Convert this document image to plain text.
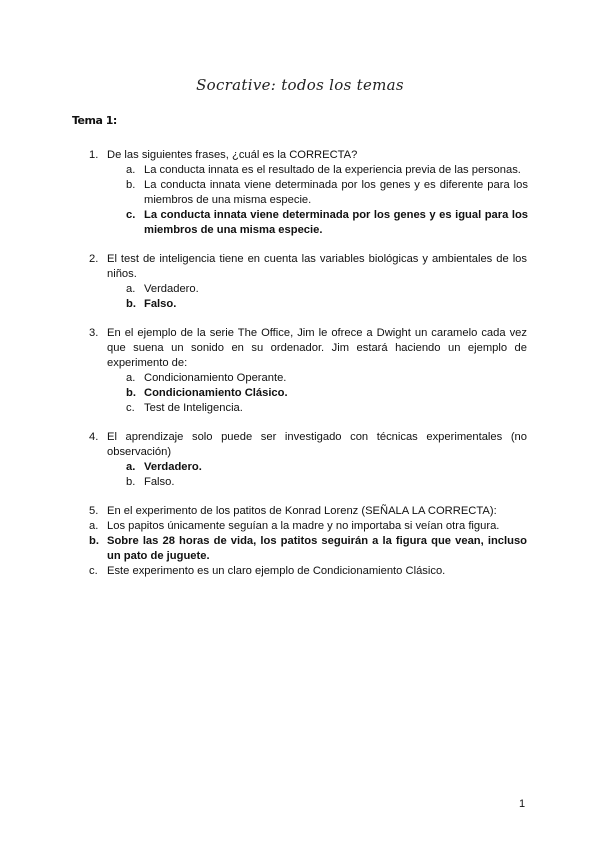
Socrative: todos los temas
Tema 1:
1. De las siguientes frases, ¿cuál es la CORRECTA?
a. La conducta innata es el resultado de la experiencia previa de las personas.
b. La conducta innata viene determinada por los genes y es diferente para los miembros de una misma especie.
c. La conducta innata viene determinada por los genes y es igual para los miembros de una misma especie.
2. El test de inteligencia tiene en cuenta las variables biológicas y ambientales de los niños.
a. Verdadero.
b. Falso.
3. En el ejemplo de la serie The Office, Jim le ofrece a Dwight un caramelo cada vez que suena un sonido en su ordenador. Jim estará haciendo un ejemplo de experimento de:
a. Condicionamiento Operante.
b. Condicionamiento Clásico.
c. Test de Inteligencia.
4. El aprendizaje solo puede ser investigado con técnicas experimentales (no observación)
a. Verdadero.
b. Falso.
5. En el experimento de los patitos de Konrad Lorenz (SEÑALA LA CORRECTA):
a. Los papitos únicamente seguían a la madre y no importaba si veían otra figura.
b. Sobre las 28 horas de vida, los patitos seguirán a la figura que vean, incluso un pato de juguete.
c. Este experimento es un claro ejemplo de Condicionamiento Clásico.
1
